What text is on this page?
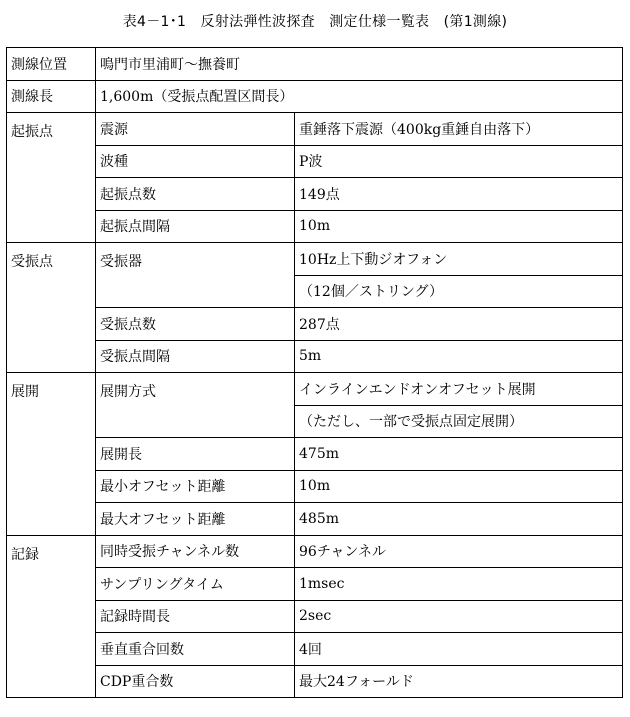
表4－1･1　反射法弾性波探査　測定仕様一覧表　(第1測線)
測線位置	鳴門市里浦町～撫養町	
測線長	1,600m（受振点配置区間長）	
起振点	震源	重錘落下震源（400kg重錘自由落下）
	波種	P波
	起振点数	149点
	起振点間隔	10m
受振点	受振器	10Hz上下動ジオフォン
		（12個／ストリング）
	受振点数	287点
	受振点間隔	5m
展開	展開方式	インラインエンドオンオフセット展開
		（ただし、一部で受振点固定展開）
	展開長	475m
	最小オフセット距離	10m
	最大オフセット距離	485m
記録	同時受振チャンネル数	96チャンネル
	サンプリングタイム	1msec
	記録時間長	2sec
	垂直重合回数	4回
	CDP重合数	最大24フォールド
